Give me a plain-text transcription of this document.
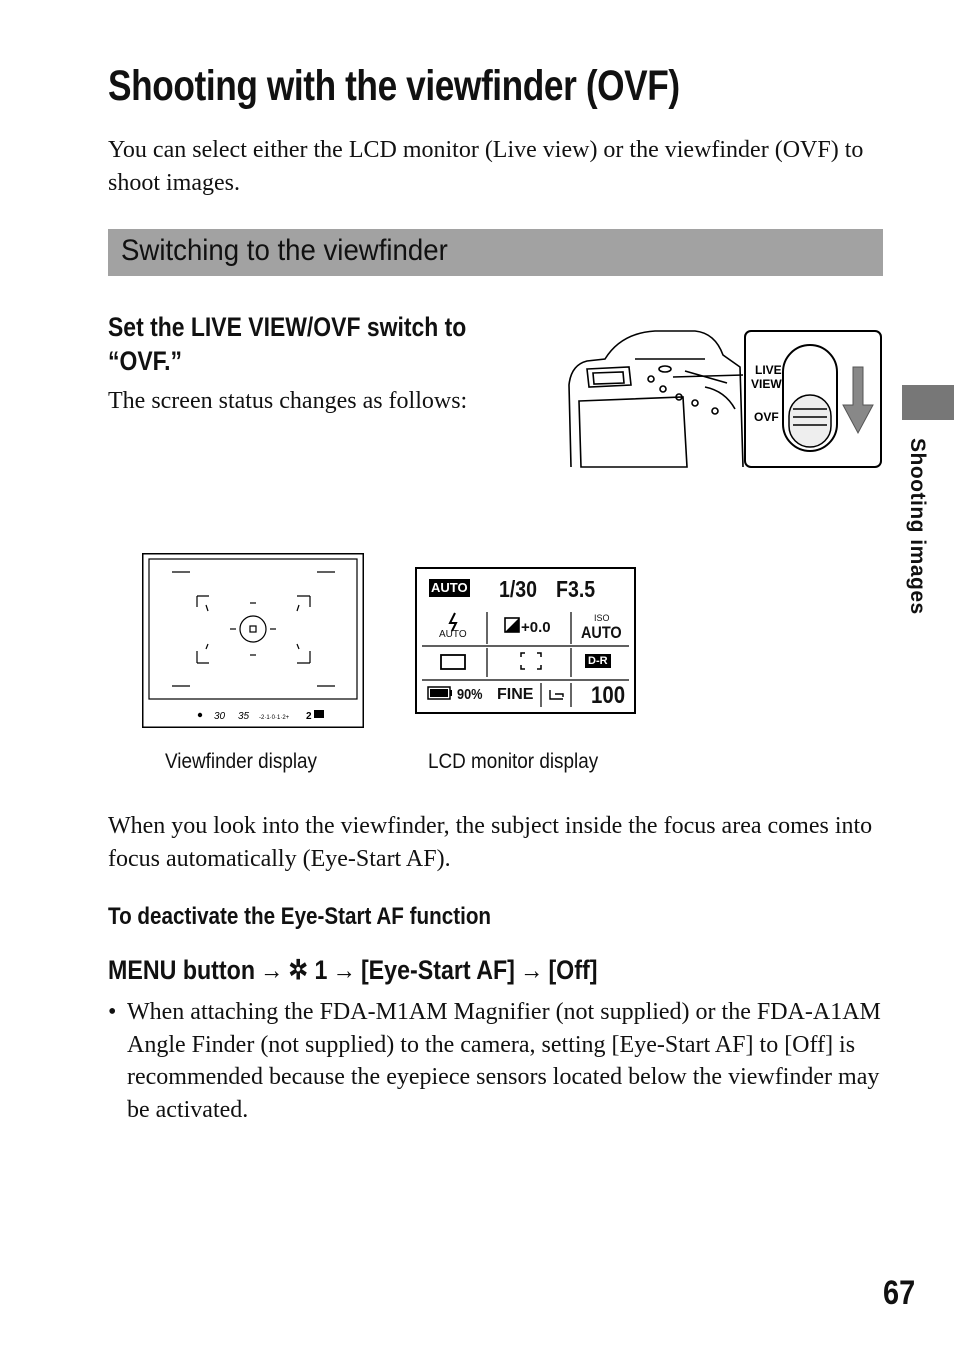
Shooting with the viewfinder (OVF)
You can select either the LCD monitor (Live view) or the viewfinder (OVF) to shoot images.
Switching to the viewfinder
Set the LIVE VIEW/OVF switch to “OVF.”
The screen status changes as follows:
LIVE
VIEW
OVF
30 35 -2·1·0·1·2+ 2
AUTO 1/30 F3.5
AUTO	+0.0
ISO
AUTO
D-R
90% FINE 100
Viewfinder display	LCD monitor display
When you look into the viewfinder, the subject inside the focus area comes into focus automatically (Eye-Start AF).
To deactivate the Eye-Start AF function
MENU button → ✲ 1 → [Eye-Start AF] → [Off]
• When attaching the FDA-M1AM Magnifier (not supplied) or the FDA-A1AM Angle Finder (not supplied) to the camera, setting [Eye-Start AF] to [Off] is recommended because the eyepiece sensors located below the viewfinder may be activated.
Shooting images
67
